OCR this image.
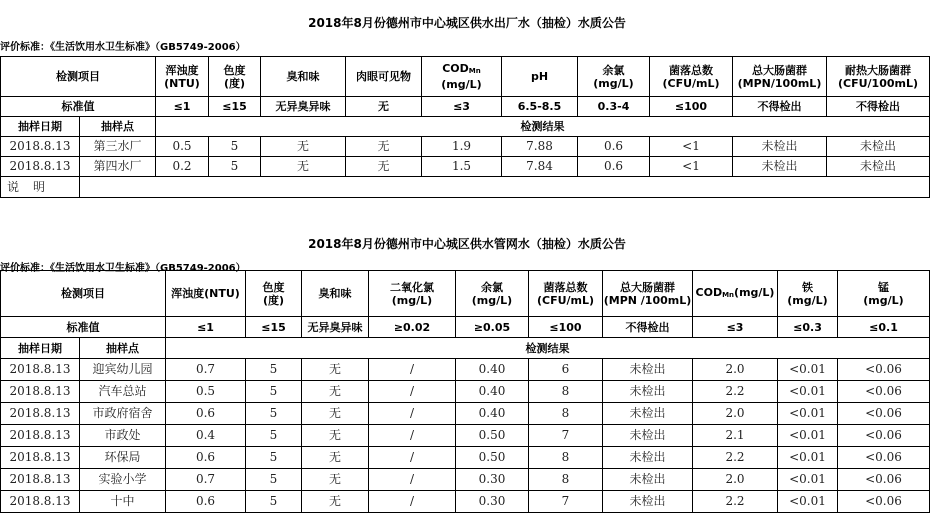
2018年8月份德州市中心城区供水出厂水（抽检）水质公告
评价标准：《生活饮用水卫生标准》（GB5749-2006）
检测项目		浑浊度
(NTU)	色度
(度)	臭和味	肉眼可见物	CODMn
(mg/L)	pH	余氯
(mg/L)	菌落总数
(CFU/mL)	总大肠菌群
(MPN/100mL)	耐热大肠菌群
(CFU/100mL)
标准值		≤1	≤15	无异臭异味	无	≤3	6.5-8.5	0.3-4	≤100	不得检出	不得检出
抽样日期	抽样点	检测结果									
2018.8.13	第三水厂	0.5	5	无	无	1.9	7.88	0.6	<1	未检出	未检出
2018.8.13	第四水厂	0.2	5	无	无	1.5	7.84	0.6	<1	未检出	未检出
说明											
2018年8月份德州市中心城区供水管网水（抽检）水质公告
评价标准：《生活饮用水卫生标准》（GB5749-2006）
检测项目		浑浊度(NTU)	色度
(度)	臭和味	二氧化氯
(mg/L)	余氯
(mg/L)	菌落总数
(CFU/mL)	总大肠菌群
(MPN /100mL)	CODMn(mg/L)	铁
(mg/L)	锰
(mg/L)
标准值		≤1	≤15	无异臭异味	≥0.02	≥0.05	≤100	不得检出	≤3	≤0.3	≤0.1
抽样日期	抽样点	检测结果									
2018.8.13	迎宾幼儿园	0.7	5	无	/	0.40	6	未检出	2.0	<0.01	<0.06
2018.8.13	汽车总站	0.5	5	无	/	0.40	8	未检出	2.2	<0.01	<0.06
2018.8.13	市政府宿舍	0.6	5	无	/	0.40	8	未检出	2.0	<0.01	<0.06
2018.8.13	市政处	0.4	5	无	/	0.50	7	未检出	2.1	<0.01	<0.06
2018.8.13	环保局	0.6	5	无	/	0.50	8	未检出	2.2	<0.01	<0.06
2018.8.13	实验小学	0.7	5	无	/	0.30	8	未检出	2.0	<0.01	<0.06
2018.8.13	十中	0.6	5	无	/	0.30	7	未检出	2.2	<0.01	<0.06
